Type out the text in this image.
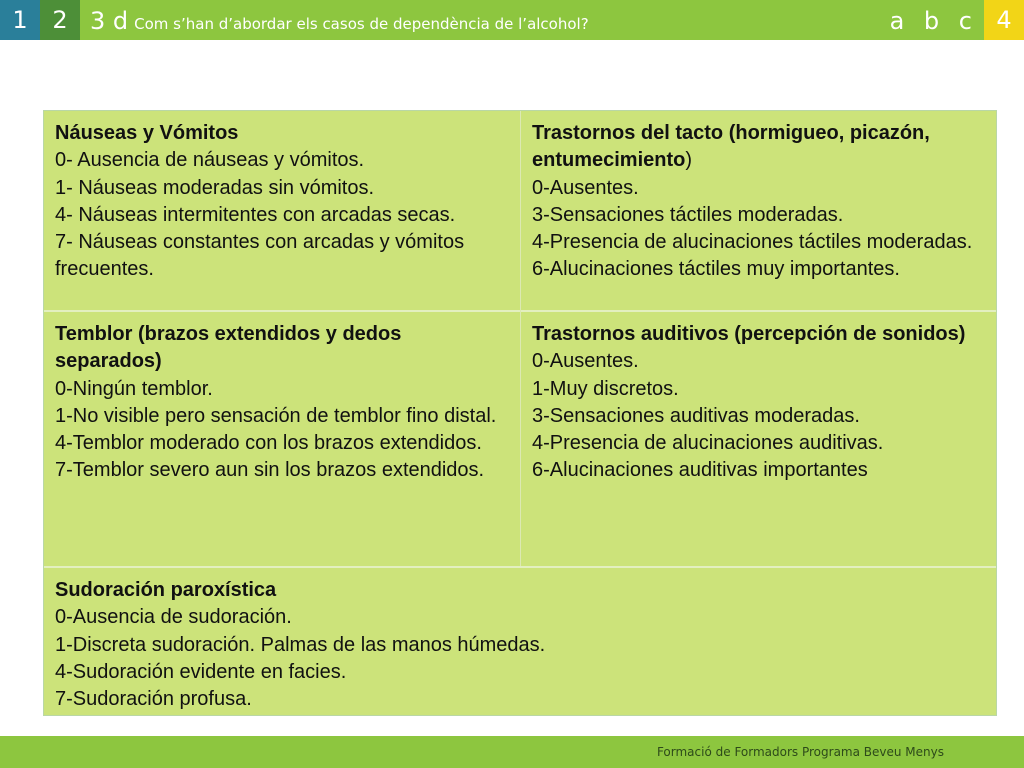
1	2 3 d Com s’han d’abordar els casos de dependència de l’alcohol?	a b c	4
Náuseas y Vómitos
0- Ausencia de náuseas y vómitos.
1- Náuseas moderadas sin vómitos.
4- Náuseas intermitentes con arcadas secas.
7- Náuseas constantes con arcadas y vómitos frecuentes.
Trastornos del tacto (hormigueo, picazón, entumecimiento)
0-Ausentes.
3-Sensaciones táctiles moderadas.
4-Presencia de alucinaciones táctiles moderadas.
6-Alucinaciones táctiles muy importantes.
Temblor (brazos extendidos y dedos separados)
0-Ningún temblor.
1-No visible pero sensación de temblor fino distal.
4-Temblor moderado con los brazos extendidos.
7-Temblor severo aun sin los brazos extendidos.
Trastornos auditivos (percepción de sonidos)
0-Ausentes.
1-Muy discretos.
3-Sensaciones auditivas moderadas.
4-Presencia de alucinaciones auditivas.
6-Alucinaciones auditivas importantes
Sudoración paroxística
0-Ausencia de sudoración.
1-Discreta sudoración. Palmas de las manos húmedas.
4-Sudoración evidente en facies.
7-Sudoración profusa.
Formació de Formadors Programa Beveu Menys
